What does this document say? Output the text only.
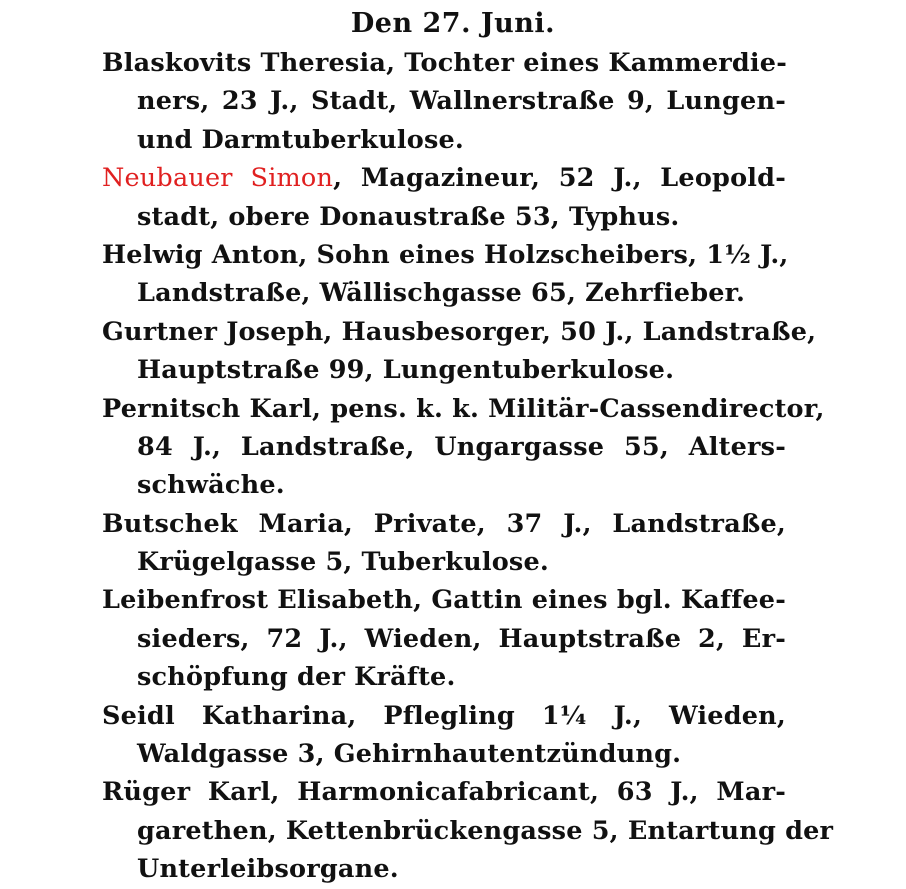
Den 27. Juni.
Blaskovits Theresia, Tochter eines Kammerdie-
ners, 23 J., Stadt, Wallnerstraße 9, Lungen-
und Darmtuberkulose.
Neubauer Simon, Magazineur, 52 J., Leopold-
stadt, obere Donaustraße 53, Typhus.
Helwig Anton, Sohn eines Holzscheibers, 1½ J.,
Landstraße, Wällischgasse 65, Zehrfieber.
Gurtner Joseph, Hausbesorger, 50 J., Landstraße,
Hauptstraße 99, Lungentuberkulose.
Pernitsch Karl, pens. k. k. Militär-Cassendirector,
84 J., Landstraße, Ungargasse 55, Alters-
schwäche.
Butschek Maria, Private, 37 J., Landstraße,
Krügelgasse 5, Tuberkulose.
Leibenfrost Elisabeth, Gattin eines bgl. Kaffee-
sieders, 72 J., Wieden, Hauptstraße 2, Er-
schöpfung der Kräfte.
Seidl Katharina, Pflegling 1¼ J., Wieden,
Waldgasse 3, Gehirnhautentzündung.
Rüger Karl, Harmonicafabricant, 63 J., Mar-
garethen, Kettenbrückengasse 5, Entartung der
Unterleibsorgane.
